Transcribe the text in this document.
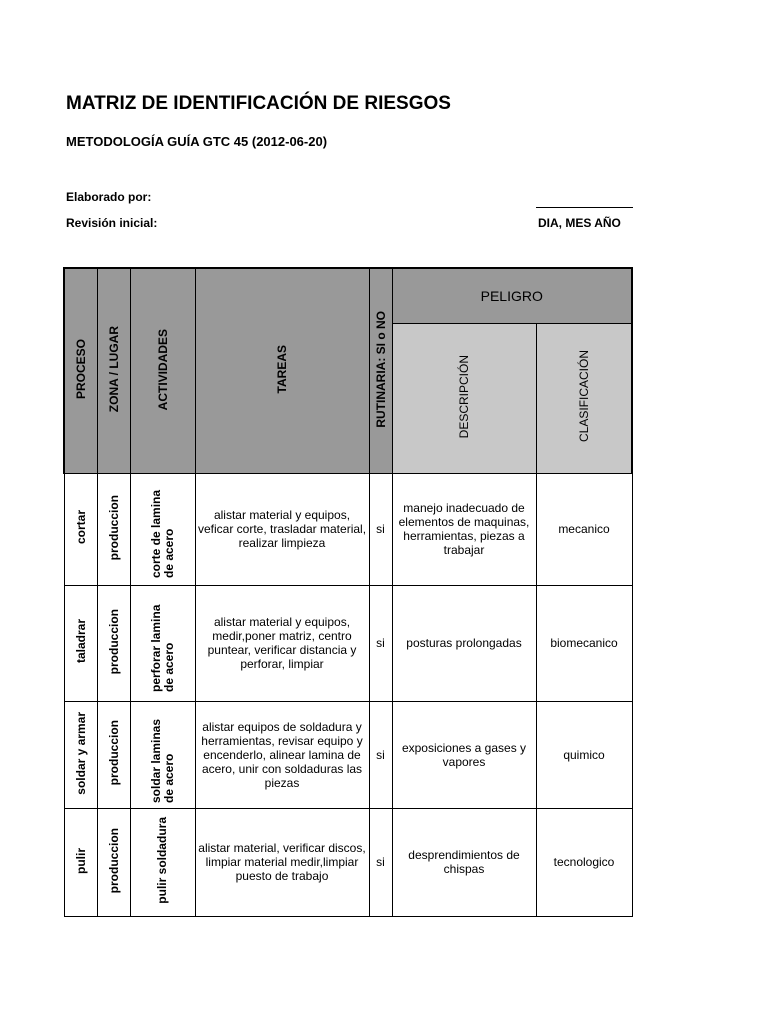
MATRIZ DE IDENTIFICACIÓN DE RIESGOS
METODOLOGÍA GUÍA GTC 45 (2012-06-20)
Elaborado por:
Revisión inicial:	DIA, MES AÑO
PROCESO	ZONA / LUGAR	ACTIVIDADES	TAREAS	RUTINARIA: SI o NO	PELIGRO	
					DESCRIPCIÓN	CLASIFICACIÓN
cortar	produccion	corte de lamina de acero	alistar material y equipos, veficar corte, trasladar material, realizar limpieza	si	manejo inadecuado de elementos de maquinas, herramientas, piezas a trabajar	mecanico
taladrar	produccion	perforar lamina de acero	alistar material y equipos, medir,poner matriz, centro puntear, verificar distancia y perforar, limpiar	si	posturas prolongadas	biomecanico
soldar y armar	produccion	soldar laminas de acero	alistar equipos de soldadura y herramientas, revisar equipo y encenderlo, alinear lamina de acero, unir con soldaduras las piezas	si	exposiciones a gases y vapores	quimico
pulir	produccion	pulir soldadura	alistar material, verificar discos, limpiar material medir,limpiar puesto de trabajo	si	desprendimientos de chispas	tecnologico
